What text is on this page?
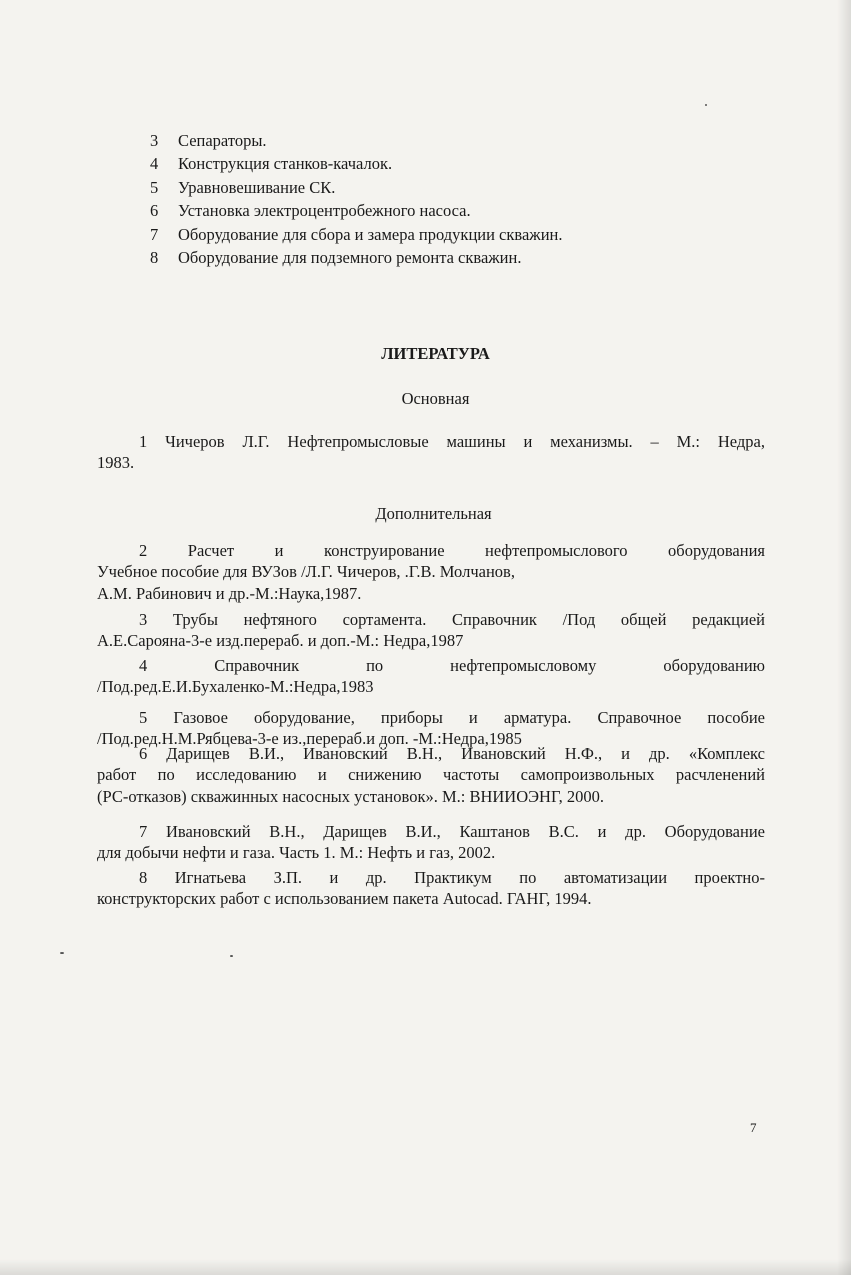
3 Сепараторы.
4 Конструкция станков-качалок.
5 Уравновешивание СК.
6 Установка электроцентробежного насоса.
7 Оборудование для сбора и замера продукции скважин.
8 Оборудование для подземного ремонта скважин.
ЛИТЕРАТУРА
Основная

1 Чичеров Л.Г. Нефтепромысловые машины и механизмы. – М.: Недра,

1983.

Дополнительная

2 Расчет и конструирование нефтепромыслового оборудования

Учебное пособие для ВУЗов /Л.Г. Чичеров, .Г.В. Молчанов,

А.М. Рабинович и др.-М.:Наука,1987.

3 Трубы нефтяного сортамента. Справочник /Под общей редакцией

А.Е.Сарояна-3-е изд.перераб. и доп.-М.: Недра,1987

4 Справочник по нефтепромысловому оборудованию

/Под.ред.Е.И.Бухаленко-М.:Недра,1983

5 Газовое оборудование, приборы и арматура. Справочное пособие

/Под.ред.Н.М.Рябцева-3-е из.,перераб.и доп. -М.:Недра,1985

6 Дарищев В.И., Ивановский В.Н., Ивановский Н.Ф., и др. «Комплекс

работ по исследованию и снижению частоты самопроизвольных расчленений

(РС-отказов) скважинных насосных установок». М.: ВНИИОЭНГ, 2000.

7 Ивановский В.Н., Дарищев В.И., Каштанов В.С. и др. Оборудование

для добычи нефти и газа. Часть 1. М.: Нефть и газ, 2002.

8 Игнатьева З.П. и др. Практикум по автоматизации проектно-

конструкторских работ с использованием пакета Autocad. ГАНГ, 1994.

7
